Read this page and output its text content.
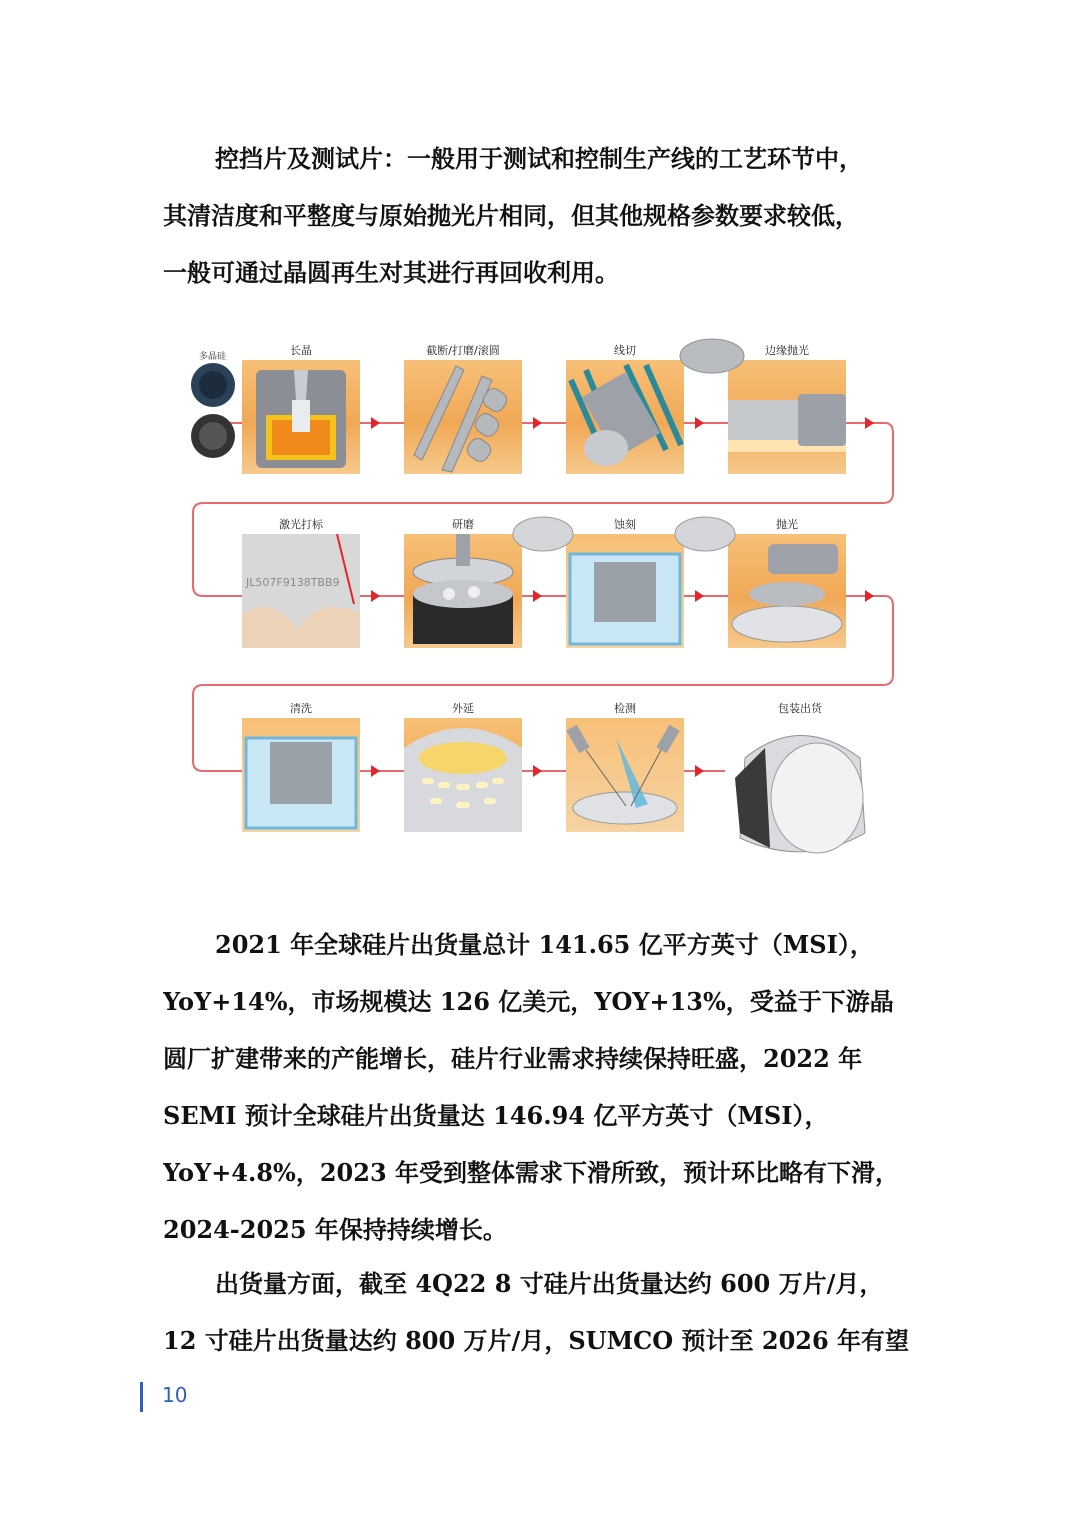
控挡片及测试片：一般用于测试和控制生产线的工艺环节中，
其清洁度和平整度与原始抛光片相同，但其他规格参数要求较低，
一般可通过晶圆再生对其进行再回收利用。
多晶硅	长晶	截断/打磨/滚圆	线切	边缘抛光
激光打标
JL507F9138TBB9
研磨	蚀刻	抛光
清洗	外延	检测	包装出货
2021 年全球硅片出货量总计 141.65 亿平方英寸（MSI），
YoY+14%，市场规模达 126 亿美元，YOY+13%，受益于下游晶
圆厂扩建带来的产能增长，硅片行业需求持续保持旺盛，2022 年
SEMI 预计全球硅片出货量达 146.94 亿平方英寸（MSI），
YoY+4.8%，2023 年受到整体需求下滑所致，预计环比略有下滑，
2024-2025 年保持持续增长。
出货量方面，截至 4Q22 8 寸硅片出货量达约 600 万片/月，
12 寸硅片出货量达约 800 万片/月，SUMCO 预计至 2026 年有望
10
